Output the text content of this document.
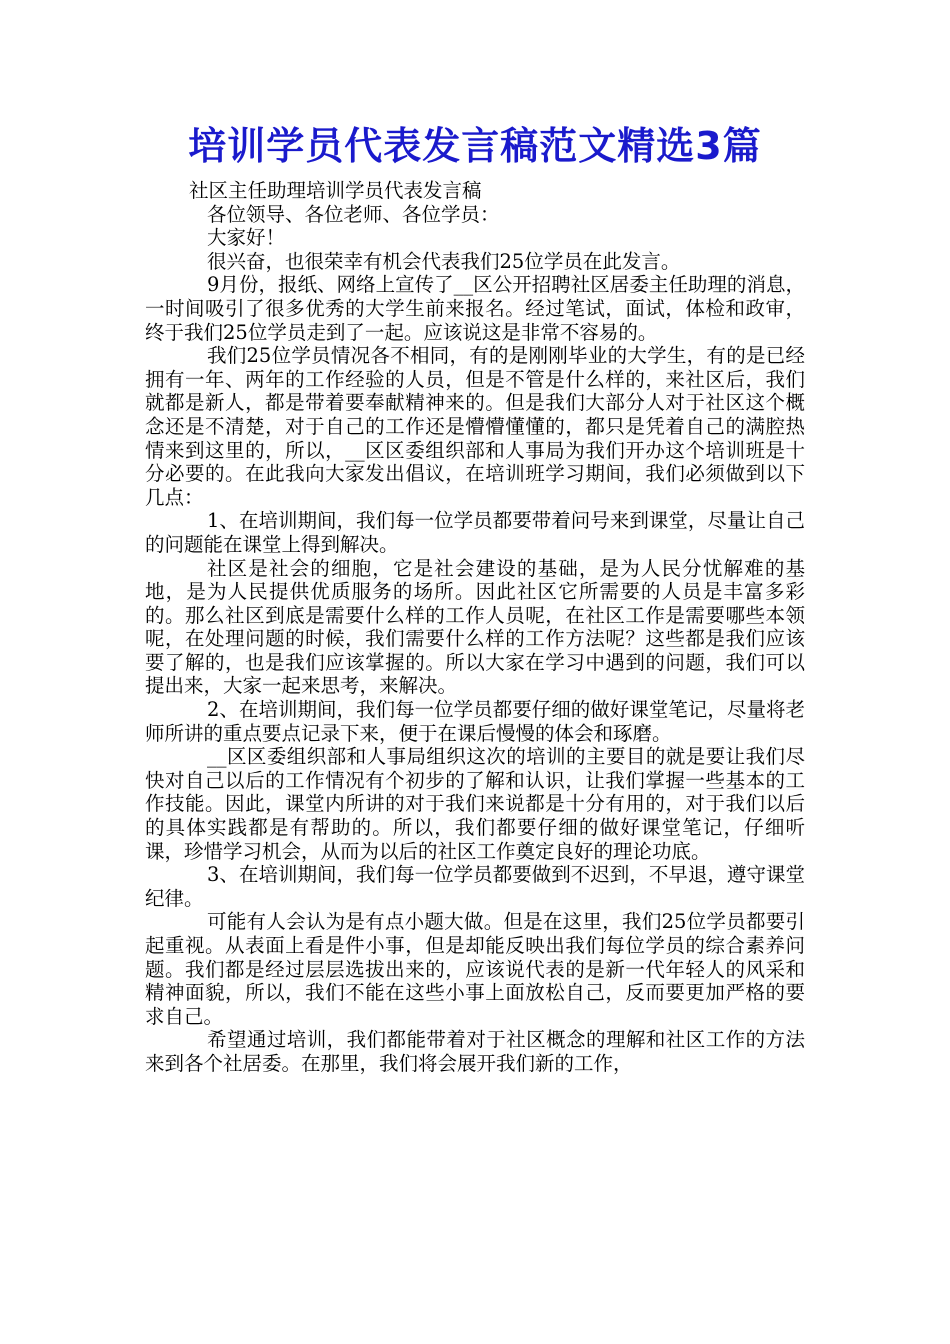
培训学员代表发言稿范文精选3篇

社区主任助理培训学员代表发言稿

各位领导、各位老师、各位学员：

大家好！

很兴奋，也很荣幸有机会代表我们25位学员在此发言。

9月份，报纸、网络上宣传了__区公开招聘社区居委主任助理的消息，一时间吸引了很多优秀的大学生前来报名。经过笔试，面试，体检和政审，终于我们25位学员走到了一起。应该说这是非常不容易的。

我们25位学员情况各不相同，有的是刚刚毕业的大学生，有的是已经拥有一年、两年的工作经验的人员，但是不管是什么样的，来社区后，我们就都是新人，都是带着要奉献精神来的。但是我们大部分人对于社区这个概念还是不清楚，对于自己的工作还是懵懵懂懂的，都只是凭着自己的满腔热情来到这里的，所以，__区区委组织部和人事局为我们开办这个培训班是十分必要的。在此我向大家发出倡议，在培训班学习期间，我们必须做到以下几点：

1、在培训期间，我们每一位学员都要带着问号来到课堂，尽量让自己的问题能在课堂上得到解决。

社区是社会的细胞，它是社会建设的基础，是为人民分忧解难的基地，是为人民提供优质服务的场所。因此社区它所需要的人员是丰富多彩的。那么社区到底是需要什么样的工作人员呢，在社区工作是需要哪些本领呢，在处理问题的时候，我们需要什么样的工作方法呢？这些都是我们应该要了解的，也是我们应该掌握的。所以大家在学习中遇到的问题，我们可以提出来，大家一起来思考，来解决。

2、在培训期间，我们每一位学员都要仔细的做好课堂笔记，尽量将老师所讲的重点要点记录下来，便于在课后慢慢的体会和琢磨。

__区区委组织部和人事局组织这次的培训的主要目的就是要让我们尽快对自己以后的工作情况有个初步的了解和认识，让我们掌握一些基本的工作技能。因此，课堂内所讲的对于我们来说都是十分有用的，对于我们以后的具体实践都是有帮助的。所以，我们都要仔细的做好课堂笔记，仔细听课，珍惜学习机会，从而为以后的社区工作奠定良好的理论功底。

3、在培训期间，我们每一位学员都要做到不迟到，不早退，遵守课堂纪律。

可能有人会认为是有点小题大做。但是在这里，我们25位学员都要引起重视。从表面上看是件小事，但是却能反映出我们每位学员的综合素养问题。我们都是经过层层选拔出来的，应该说代表的是新一代年轻人的风采和精神面貌，所以，我们不能在这些小事上面放松自己，反而要更加严格的要求自己。

希望通过培训，我们都能带着对于社区概念的理解和社区工作的方法来到各个社居委。在那里，我们将会展开我们新的工作，
